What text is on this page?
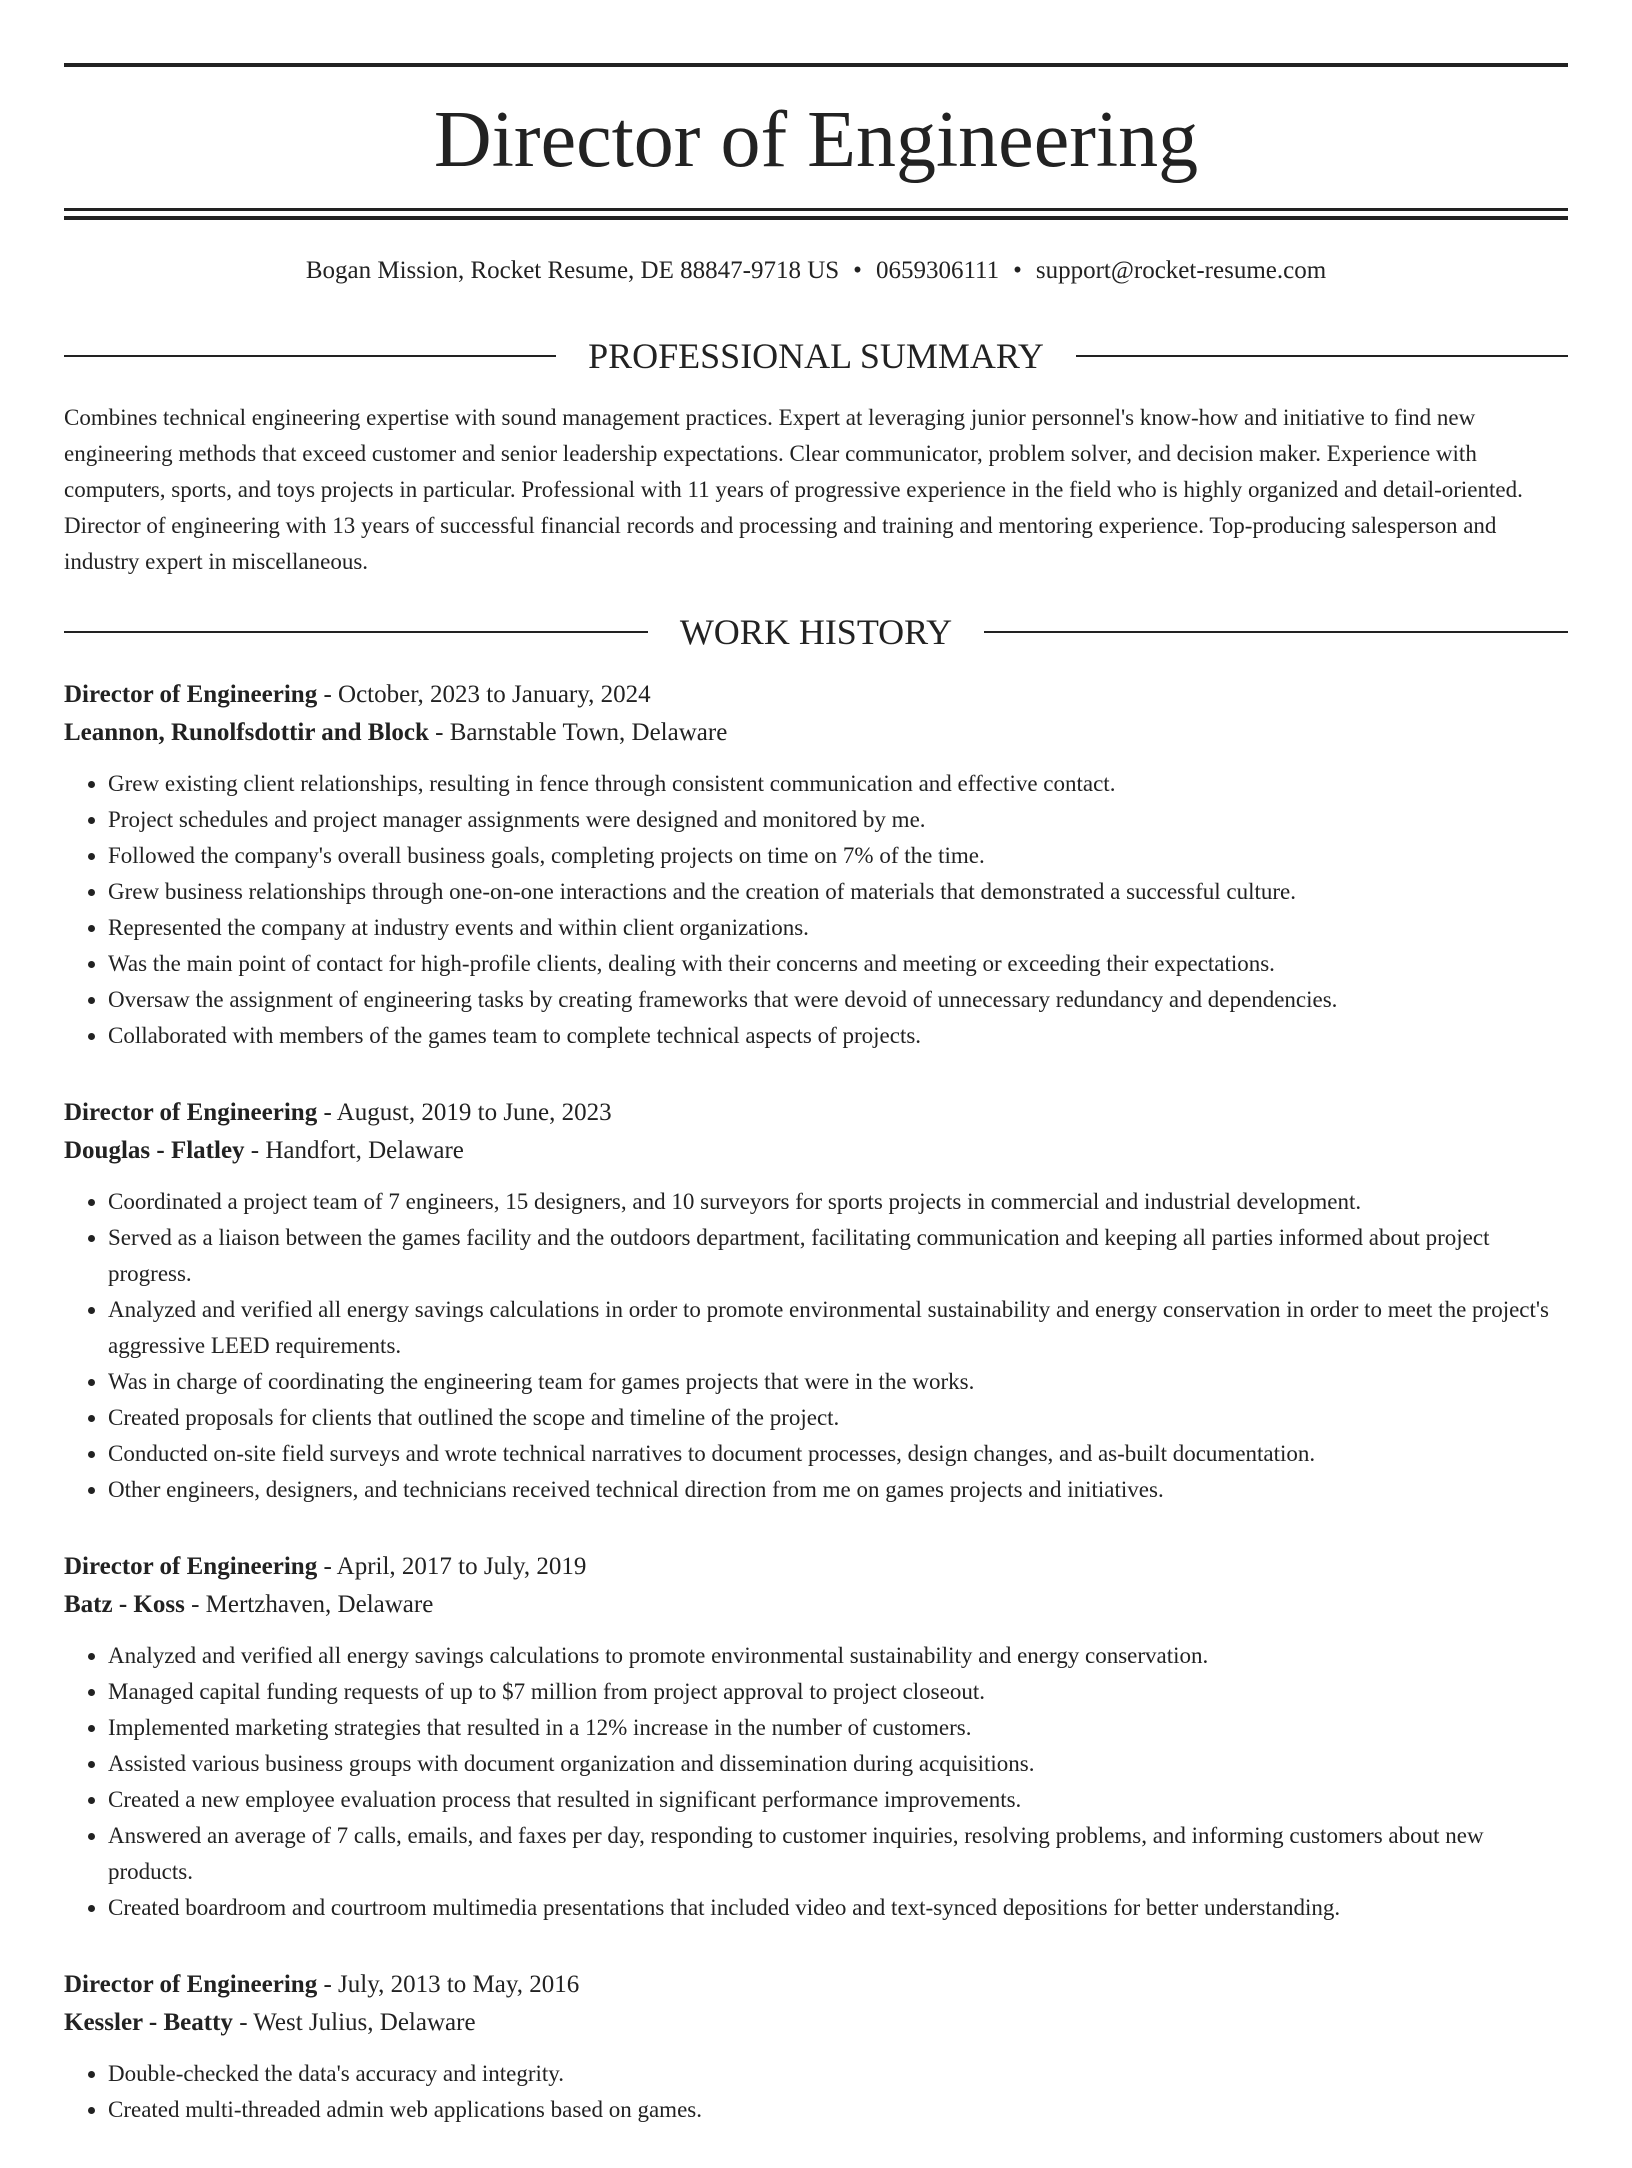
Director of Engineering
Bogan Mission, Rocket Resume, DE 88847-9718 US • 0659306111 • support@rocket-resume.com
PROFESSIONAL SUMMARY

Combines technical engineering expertise with sound management practices. Expert at leveraging junior personnel's know-how and initiative to find new engineering methods that exceed customer and senior leadership expectations. Clear communicator, problem solver, and decision maker. Experience with computers, sports, and toys projects in particular. Professional with 11 years of progressive experience in the field who is highly organized and detail-oriented. Director of engineering with 13 years of successful financial records and processing and training and mentoring experience. Top-producing salesperson and industry expert in miscellaneous.

WORK HISTORY

Director of Engineering - October, 2023 to January, 2024

Leannon, Runolfsdottir and Block - Barnstable Town, Delaware

• Grew existing client relationships, resulting in fence through consistent communication and effective contact.
• Project schedules and project manager assignments were designed and monitored by me.
• Followed the company's overall business goals, completing projects on time on 7% of the time.
• Grew business relationships through one-on-one interactions and the creation of materials that demonstrated a successful culture.
• Represented the company at industry events and within client organizations.
• Was the main point of contact for high-profile clients, dealing with their concerns and meeting or exceeding their expectations.
• Oversaw the assignment of engineering tasks by creating frameworks that were devoid of unnecessary redundancy and dependencies.
• Collaborated with members of the games team to complete technical aspects of projects.

Director of Engineering - August, 2019 to June, 2023

Douglas - Flatley - Handfort, Delaware

• Coordinated a project team of 7 engineers, 15 designers, and 10 surveyors for sports projects in commercial and industrial development.
• Served as a liaison between the games facility and the outdoors department, facilitating communication and keeping all parties informed about project progress.
• Analyzed and verified all energy savings calculations in order to promote environmental sustainability and energy conservation in order to meet the project's aggressive LEED requirements.
• Was in charge of coordinating the engineering team for games projects that were in the works.
• Created proposals for clients that outlined the scope and timeline of the project.
• Conducted on-site field surveys and wrote technical narratives to document processes, design changes, and as-built documentation.
• Other engineers, designers, and technicians received technical direction from me on games projects and initiatives.

Director of Engineering - April, 2017 to July, 2019

Batz - Koss - Mertzhaven, Delaware

• Analyzed and verified all energy savings calculations to promote environmental sustainability and energy conservation.
• Managed capital funding requests of up to $7 million from project approval to project closeout.
• Implemented marketing strategies that resulted in a 12% increase in the number of customers.
• Assisted various business groups with document organization and dissemination during acquisitions.
• Created a new employee evaluation process that resulted in significant performance improvements.
• Answered an average of 7 calls, emails, and faxes per day, responding to customer inquiries, resolving problems, and informing customers about new products.
• Created boardroom and courtroom multimedia presentations that included video and text-synced depositions for better understanding.

Director of Engineering - July, 2013 to May, 2016

Kessler - Beatty - West Julius, Delaware

• Double-checked the data's accuracy and integrity.
• Created multi-threaded admin web applications based on games.
